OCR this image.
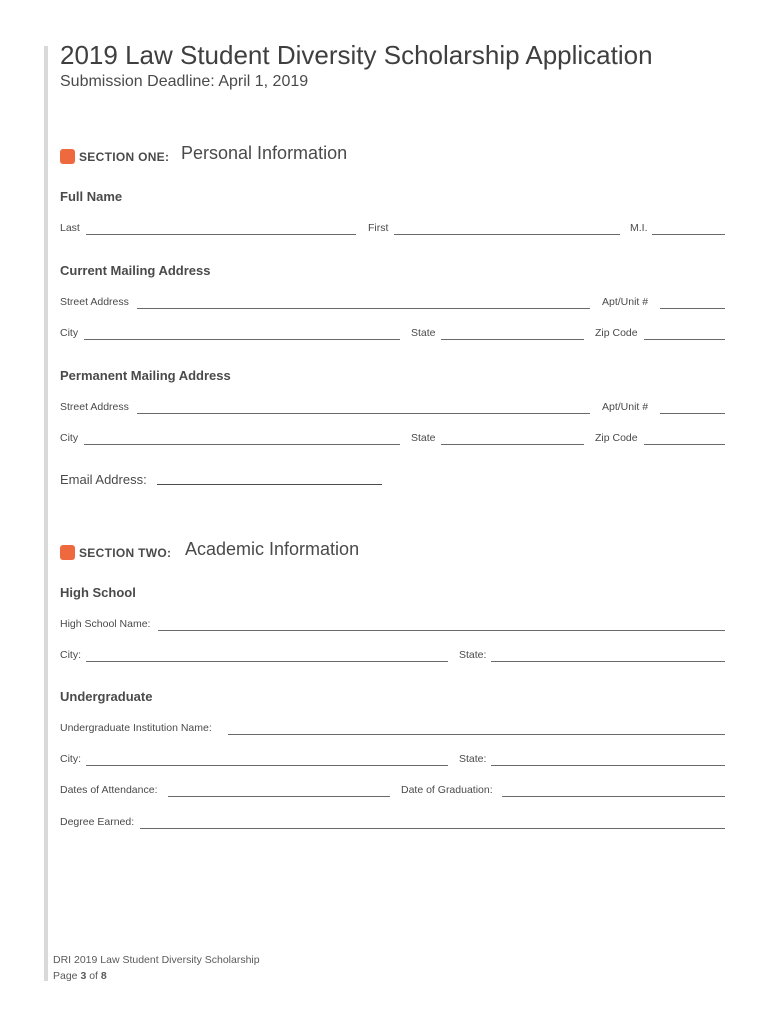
2019 Law Student Diversity Scholarship Application
Submission Deadline: April 1, 2019
SECTION ONE: Personal Information
Full Name
Last	First	M.I.
Current Mailing Address
Street Address	Apt/Unit #
City	State	Zip Code
Permanent Mailing Address
Street Address	Apt/Unit #
City	State	Zip Code
Email Address:
SECTION TWO: Academic Information
High School
High School Name:
City:	State:
Undergraduate
Undergraduate Institution Name:
City:	State:
Dates of Attendance:	Date of Graduation:
Degree Earned:
DRI 2019 Law Student Diversity Scholarship
Page 3 of 8
